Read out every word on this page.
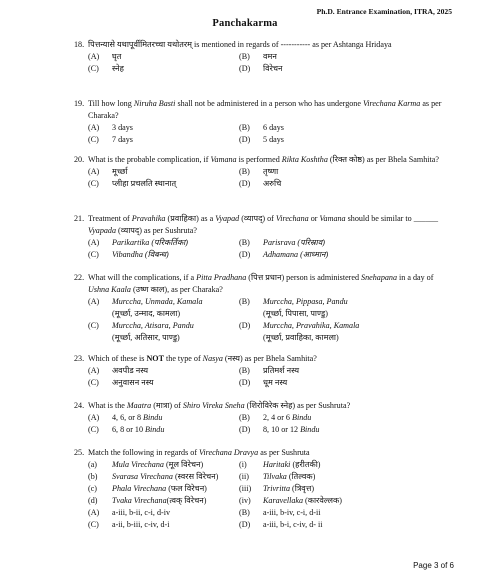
Ph.D. Entrance Examination, ITRA, 2025
Panchakarma
18. पित्तन्यासे यथापूर्वीमितरच्चा यथोतरम् is mentioned in regards of ----------- as per Ashtanga Hridaya
(A) घृत	(B) वमन
(C) स्नेह	(D) विरेचन
19. Till how long Niruha Basti shall not be administered in a person who has undergone Virechana Karma as per Charaka?
(A) 3 days	(B) 6 days
(C) 7 days	(D) 5 days
20. What is the probable complication, if Vamana is performed Rikta Koshtha (रिक्त कोष्ठ) as per Bhela Samhita?
(A) मूर्च्छा	(B) तृष्णा
(C) प्लीहा प्रचलति स्थानात्	(D) अरुचि
21. Treatment of Pravahika (प्रवाहिका) as a Vyapad (व्यापद्) of Virechana or Vamana should be similar to ______ Vyapada (व्यापद्) as per Sushruta?
(A) Parikartika (परिकर्तिका)	(B) Parisrava (परिस्राव)
(C) Vibandha (विबन्ध)	(D) Adhamana (आध्मान)
22. What will the complications, if a Pitta Pradhana (पित्त प्रधान) person is administered Snehapana in a day of Ushna Kaala (उष्ण काल), as per Charaka?
(A) Murccha, Unmada, Kamala	(B) Murccha, Pippasa, Pandu
(मूर्च्छा, उन्माद, कामला)	(मूर्च्छा, पिपासा, पाण्डु)
(C) Murccha, Atisara, Pandu	(D) Murccha, Pravahika, Kamala
(मूर्च्छा, अतिसार, पाण्डु)	(मूर्च्छा, प्रवाहिका, कामला)
23. Which of these is NOT the type of Nasya (नस्य) as per Bhela Samhita?
(A) अवपीड नस्य	(B) प्रतिमर्श नस्य
(C) अनुवासन नस्य	(D) धूम नस्य
24. What is the Maatra (मात्रा) of Shiro Vireka Sneha (शिरोविरेक स्नेह) as per Sushruta?
(A) 4, 6, or 8 Bindu	(B) 2, 4 or 6 Bindu
(C) 6, 8 or 10 Bindu	(D) 8, 10 or 12 Bindu
25. Match the following in regards of Virechana Dravya as per Sushruta
(a) Mula Virechana (मूल विरेचन)	(i) Haritaki (हरीतकी)
(b) Svarasa Virechana (स्वरस विरेचन)	(ii) Tilvaka (तिल्वक)
(c) Phala Virechana (फल विरेचन)	(iii) Trivritta (त्रिवृत्त)
(d) Tvaka Virechana(त्वक् विरेचन)	(iv) Karavellaka (कारवेल्लक)
(A) a-iii, b-ii, c-i, d-iv	(B) a-iii, b-iv, c-i, d-ii
(C) a-ii, b-iii, c-iv, d-i	(D) a-iii, b-i, c-iv, d- ii
Page 3 of 6
